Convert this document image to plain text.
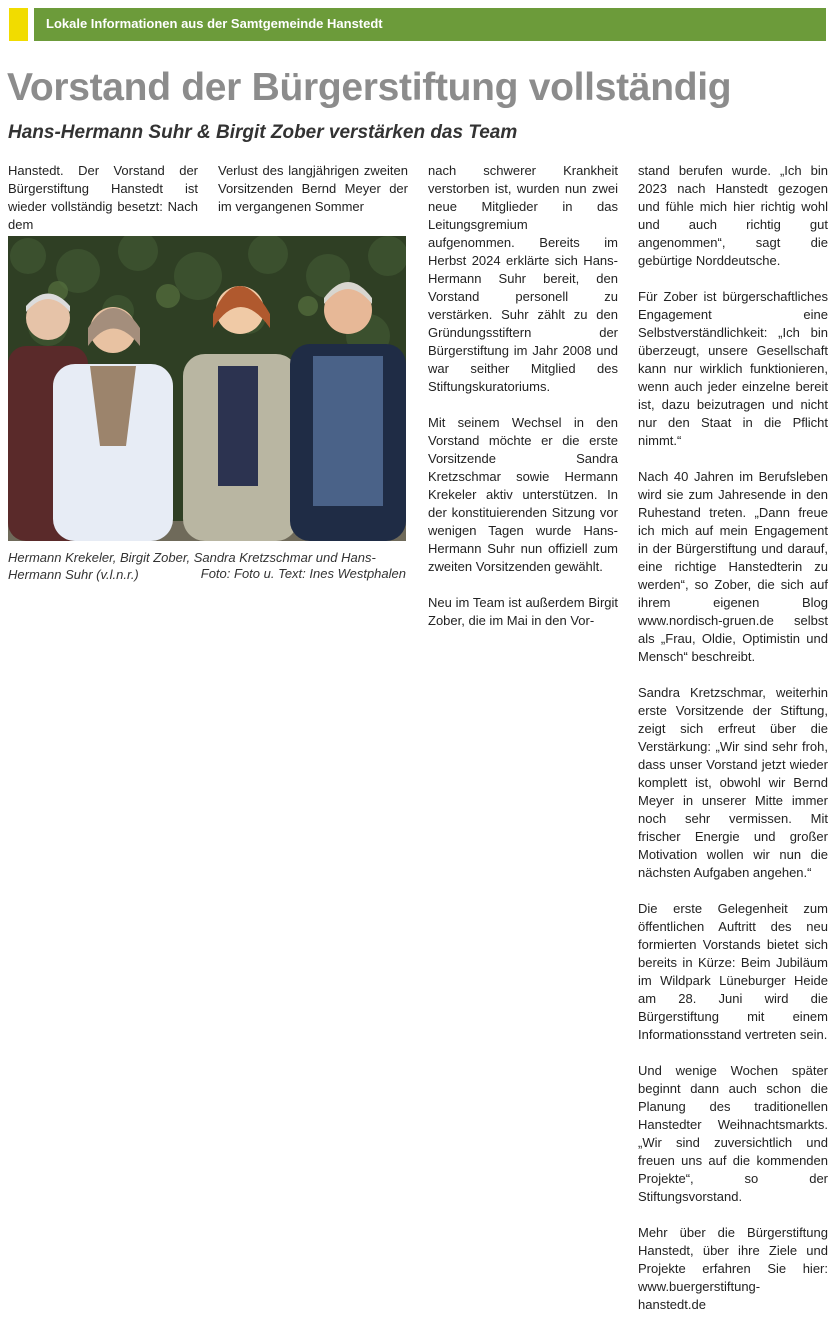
Lokale Informationen aus der Samtgemeinde Hanstedt
Vorstand der Bürgerstiftung vollständig
Hans-Hermann Suhr & Birgit Zober verstärken das Team

Hanstedt. Der Vorstand der Bürgerstiftung Hanstedt ist wieder vollständig besetzt: Nach dem

Verlust des langjährigen zweiten Vorsitzenden Bernd Meyer der im vergangenen Sommer

Hermann Krekeler, Birgit Zober, Sandra Kretzschmar und Hans-Hermann Suhr (v.l.n.r.)	Foto: Foto u. Text: Ines Westphalen

nach schwerer Krankheit verstorben ist, wurden nun zwei neue Mitglieder in das Leitungsgremium aufgenommen. Bereits im Herbst 2024 erklärte sich Hans-Hermann Suhr bereit, den Vorstand personell zu verstärken. Suhr zählt zu den Gründungsstiftern der Bürgerstiftung im Jahr 2008 und war seither Mitglied des Stiftungskuratoriums.

Mit seinem Wechsel in den Vorstand möchte er die erste Vorsitzende Sandra Kretzschmar sowie Hermann Krekeler aktiv unterstützen. In der konstituierenden Sitzung vor wenigen Tagen wurde Hans-Hermann Suhr nun offiziell zum zweiten Vorsitzenden gewählt.

Neu im Team ist außerdem Birgit Zober, die im Mai in den Vor-

stand berufen wurde. „Ich bin 2023 nach Hanstedt gezogen und fühle mich hier richtig wohl und auch richtig gut angenommen“, sagt die gebürtige Norddeutsche.

Für Zober ist bürgerschaftliches Engagement eine Selbstverständlichkeit: „Ich bin überzeugt, unsere Gesellschaft kann nur wirklich funktionieren, wenn auch jeder einzelne bereit ist, dazu beizutragen und nicht nur den Staat in die Pflicht nimmt.“

Nach 40 Jahren im Berufsleben wird sie zum Jahresende in den Ruhestand treten. „Dann freue ich mich auf mein Engagement in der Bürgerstiftung und darauf, eine richtige Hanstedterin zu werden“, so Zober, die sich auf ihrem eigenen Blog www.nordisch-gruen.de selbst als „Frau, Oldie, Optimistin und Mensch“ beschreibt.

Sandra Kretzschmar, weiterhin erste Vorsitzende der Stiftung, zeigt sich erfreut über die Verstärkung: „Wir sind sehr froh, dass unser Vorstand jetzt wieder komplett ist, obwohl wir Bernd Meyer in unserer Mitte immer noch sehr vermissen. Mit frischer Energie und großer Motivation wollen wir nun die nächsten Aufgaben angehen.“

Die erste Gelegenheit zum öffentlichen Auftritt des neu formierten Vorstands bietet sich bereits in Kürze: Beim Jubiläum im Wildpark Lüneburger Heide am 28. Juni wird die Bürgerstiftung mit einem Informationsstand vertreten sein.

Und wenige Wochen später beginnt dann auch schon die Planung des traditionellen Hanstedter Weihnachtsmarkts. „Wir sind zuversichtlich und freuen uns auf die kommenden Projekte“, so der Stiftungsvorstand.

Mehr über die Bürgerstiftung Hanstedt, über ihre Ziele und Projekte erfahren Sie hier: www.buergerstiftung-hanstedt.de
